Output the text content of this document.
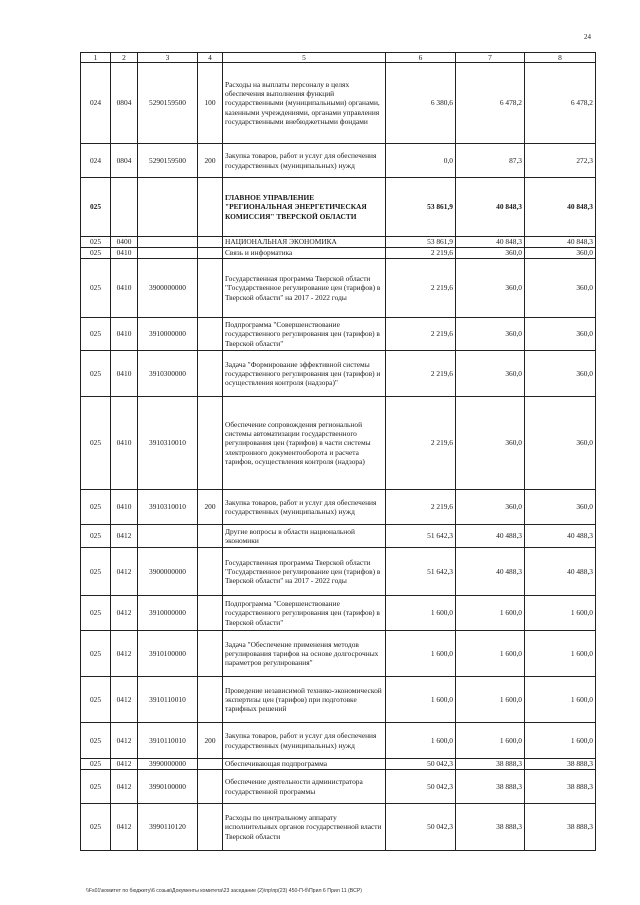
24
1	2	3	4	5	6	7	8
024	0804	5290159500	100	Расходы на выплаты персоналу в целях обеспечения выполнения функций государственными (муниципальными) органами, казенными учреждениями, органами управления государственными внебюджетными фондами	6 380,6	6 478,2	6 478,2
024	0804	5290159500	200	Закупка товаров, работ и услуг для обеспечения государственных (муниципальных) нужд	0,0	87,3	272,3
025				ГЛАВНОЕ УПРАВЛЕНИЕ "РЕГИОНАЛЬНАЯ ЭНЕРГЕТИЧЕСКАЯ КОМИССИЯ" ТВЕРСКОЙ ОБЛАСТИ	53 861,9	40 848,3	40 848,3
025	0400			НАЦИОНАЛЬНАЯ ЭКОНОМИКА	53 861,9	40 848,3	40 848,3
025	0410			Связь и информатика	2 219,6	360,0	360,0
025	0410	3900000000		Государственная программа Тверской области "Государственное регулирование цен (тарифов) в Тверской области" на 2017 - 2022 годы	2 219,6	360,0	360,0
025	0410	3910000000		Подпрограмма "Совершенствование государственного регулирования цен (тарифов) в Тверской области"	2 219,6	360,0	360,0
025	0410	3910300000		Задача "Формирование эффективной системы государственного регулирования цен (тарифов) и осуществления контроля (надзора)"	2 219,6	360,0	360,0
025	0410	3910310010		Обеспечение сопровождения региональной системы автоматизации государственного регулирования цен (тарифов) в части системы электронного документооборота и расчета тарифов, осуществления контроля (надзора)	2 219,6	360,0	360,0
025	0410	3910310010	200	Закупка товаров, работ и услуг для обеспечения государственных (муниципальных) нужд	2 219,6	360,0	360,0
025	0412			Другие вопросы в области национальной экономики	51 642,3	40 488,3	40 488,3
025	0412	3900000000		Государственная программа Тверской области "Государственное регулирование цен (тарифов) в Тверской области" на 2017 - 2022 годы	51 642,3	40 488,3	40 488,3
025	0412	3910000000		Подпрограмма "Совершенствование государственного регулирования цен (тарифов) в Тверской области"	1 600,0	1 600,0	1 600,0
025	0412	3910100000		Задача "Обеспечение применения методов регулирования тарифов на основе долгосрочных параметров регулирования"	1 600,0	1 600,0	1 600,0
025	0412	3910110010		Проведение независимой технико-экономической экспертизы цен (тарифов) при подготовке тарифных решений	1 600,0	1 600,0	1 600,0
025	0412	3910110010	200	Закупка товаров, работ и услуг для обеспечения государственных (муниципальных) нужд	1 600,0	1 600,0	1 600,0
025	0412	3990000000		Обеспечивающая подпрограмма	50 042,3	38 888,3	38 888,3
025	0412	3990100000		Обеспечение деятельности администратора государственной программы	50 042,3	38 888,3	38 888,3
025	0412	3990110120		Расходы по центральному аппарату исполнительных органов государственной власти Тверской области	50 042,3	38 888,3	38 888,3
\\Fs01\комитет по бюджету\6 созыв\Документы комитета\23 заседание (2)\пр\пр(23) 450-П-б\Прил 6 Прил 11 (ВСР)
